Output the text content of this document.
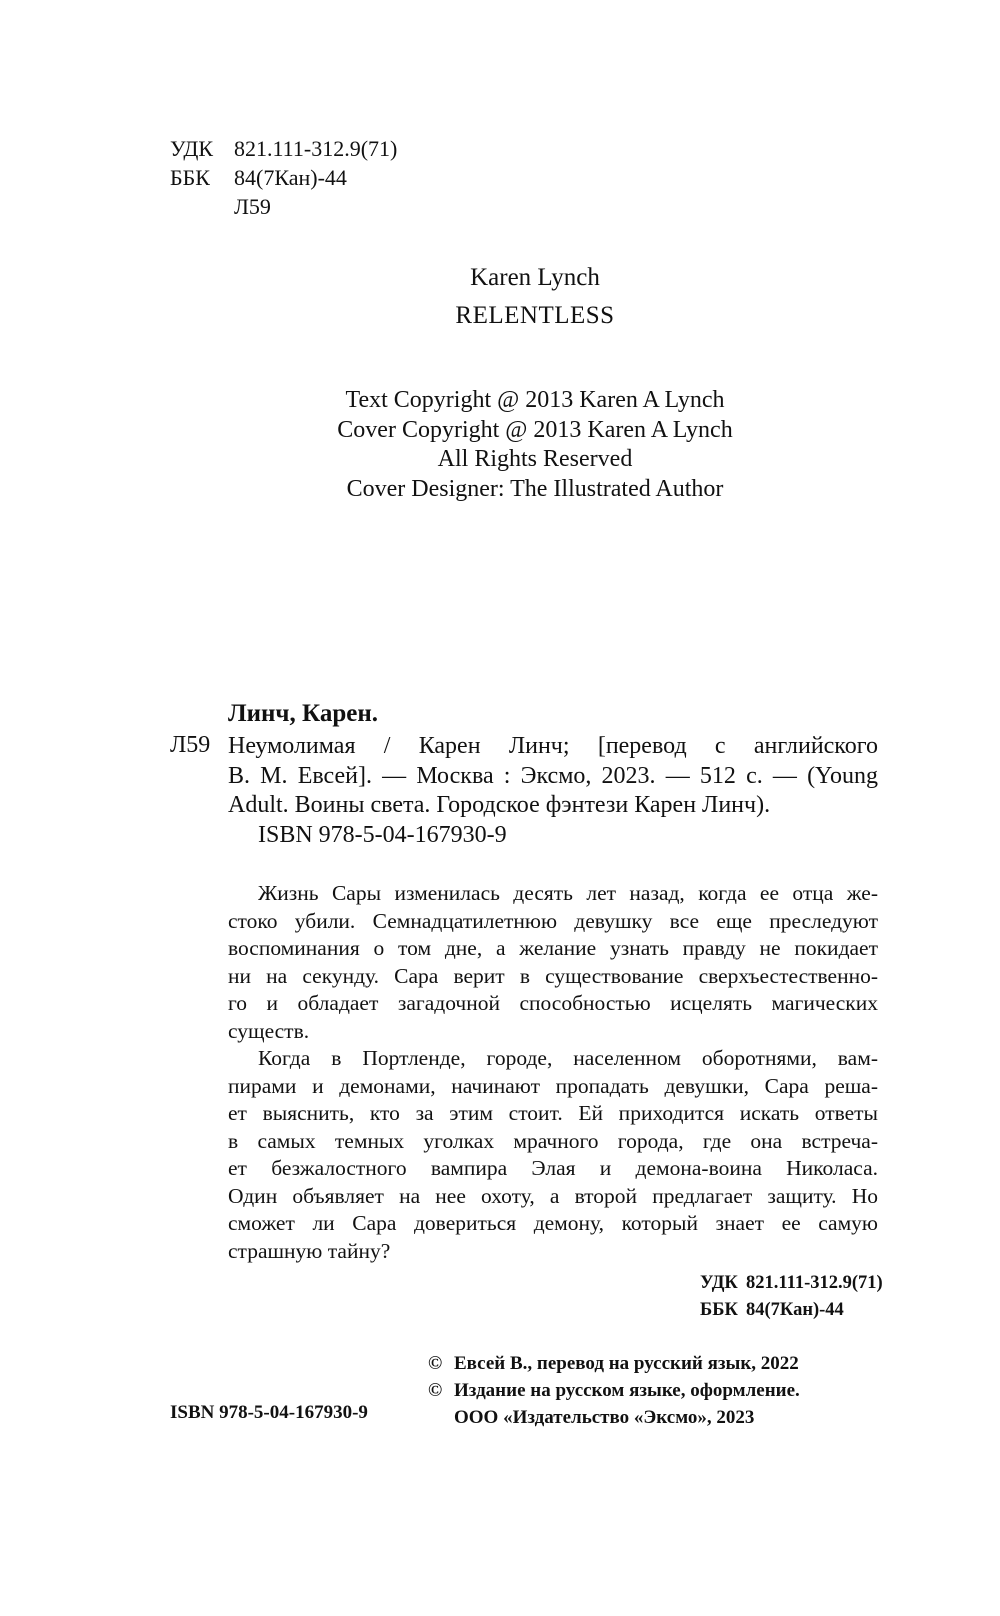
УДК 821.111-312.9(71)
ББК	84(7Кан)-44
Л59
Karen Lynch
RELENTLESS
Text Copyright @ 2013 Karen A Lynch
Cover Copyright @ 2013 Karen A Lynch
All Rights Reserved
Cover Designer: The Illustrated Author
Линч, Карен.
Л59 Неумолимая / Карен Линч; [перевод с английского
В. М. Евсей]. — Москва : Эксмо, 2023. — 512 с. — (Young
Adult. Воины света. Городское фэнтези Карен Линч).
ISBN 978-5-04-167930-9
Жизнь Сары изменилась десять лет назад, когда ее отца же-
стоко убили. Семнадцатилетнюю девушку все еще преследуют
воспоминания о том дне, а желание узнать правду не покидает
ни на секунду. Сара верит в существование сверхъестественно-
го и обладает загадочной способностью исцелять магических
существ.
Когда в Портленде, городе, населенном оборотнями, вам-
пирами и демонами, начинают пропадать девушки, Сара реша-
ет выяснить, кто за этим стоит. Ей приходится искать ответы
в самых темных уголках мрачного города, где она встреча-
ет безжалостного вампира Элая и демона-воина Николаса.
Один объявляет на нее охоту, а второй предлагает защиту. Но
сможет ли Сара довериться демону, который знает ее самую
страшную тайну?
УДК 821.111-312.9(71)
ББК 84(7Кан)-44
ISBN 978-5-04-167930-9
© Евсей В., перевод на русский язык, 2022
© Издание на русском языке, оформление.
ООО «Издательство «Эксмо», 2023
